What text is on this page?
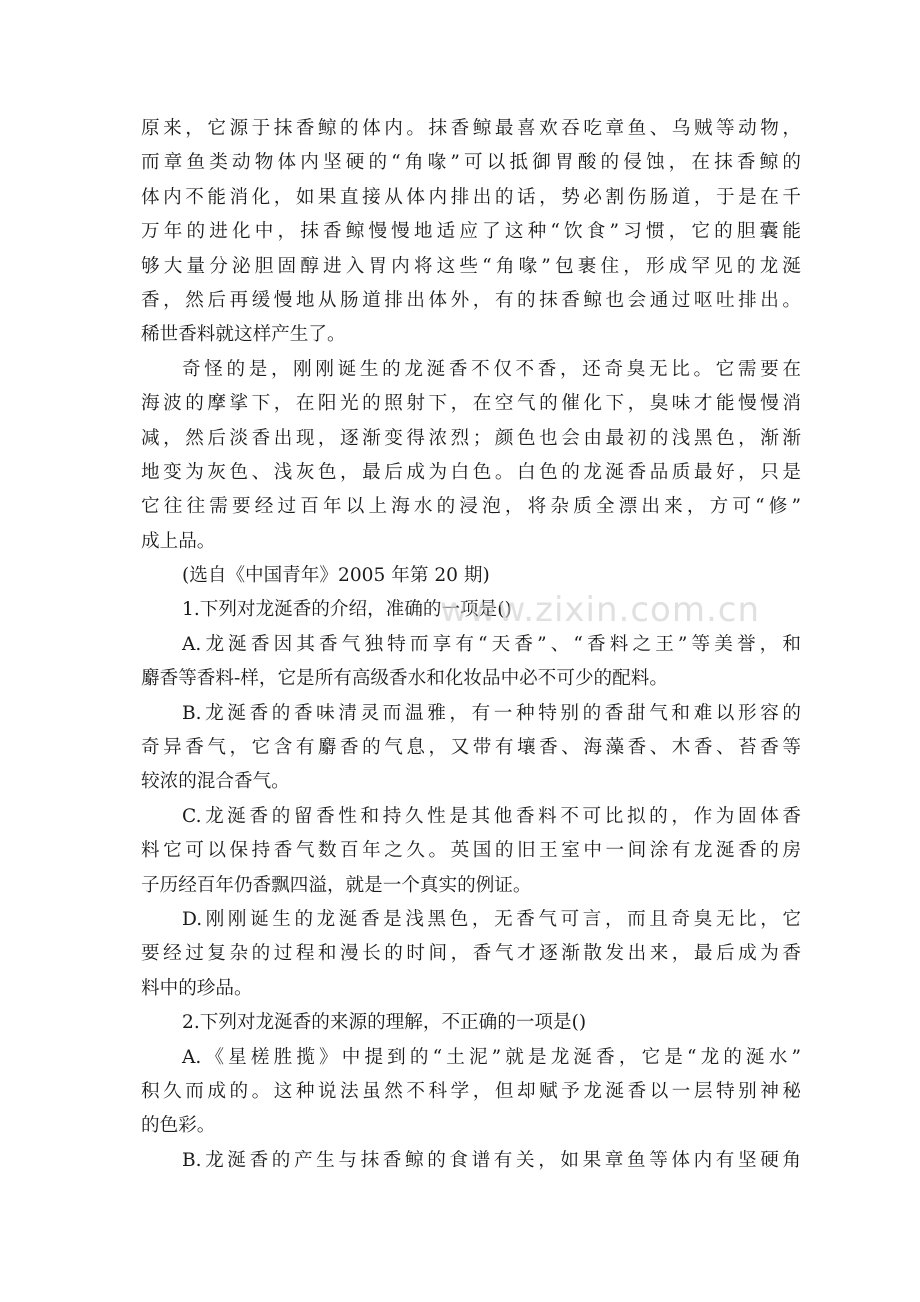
原来，它源于抹香鲸的体内。抹香鲸最喜欢吞吃章鱼、乌贼等动物，
而章鱼类动物体内坚硬的“角喙”可以抵御胃酸的侵蚀，在抹香鲸的
体内不能消化，如果直接从体内排出的话，势必割伤肠道，于是在千
万年的进化中，抹香鲸慢慢地适应了这种“饮食”习惯，它的胆囊能
够大量分泌胆固醇进入胃内将这些“角喙”包裹住，形成罕见的龙涎
香，然后再缓慢地从肠道排出体外，有的抹香鲸也会通过呕吐排出。
稀世香料就这样产生了。
奇怪的是，刚刚诞生的龙涎香不仅不香，还奇臭无比。它需要在
海波的摩挲下，在阳光的照射下，在空气的催化下，臭味才能慢慢消
减，然后淡香出现，逐渐变得浓烈；颜色也会由最初的浅黑色，渐渐
地变为灰色、浅灰色，最后成为白色。白色的龙涎香品质最好，只是
它往往需要经过百年以上海水的浸泡，将杂质全漂出来，方可“修”
成上品。
(选自《中国青年》2005 年第 20 期)
1.下列对龙涎香的介绍，准确的一项是()
A.龙涎香因其香气独特而享有“天香”、“香料之王”等美誉，和
麝香等香料-样，它是所有高级香水和化妆品中必不可少的配料。
B.龙涎香的香味清灵而温雅，有一种特别的香甜气和难以形容的
奇异香气，它含有麝香的气息，又带有壤香、海藻香、木香、苔香等
较浓的混合香气。
C.龙涎香的留香性和持久性是其他香料不可比拟的，作为固体香
料它可以保持香气数百年之久。英国的旧王室中一间涂有龙涎香的房
子历经百年仍香飘四溢，就是一个真实的例证。
D.刚刚诞生的龙涎香是浅黑色，无香气可言，而且奇臭无比，它
要经过复杂的过程和漫长的时间，香气才逐渐散发出来，最后成为香
料中的珍品。
2.下列对龙涎香的来源的理解，不正确的一项是()
A.《星槎胜揽》中提到的“土泥”就是龙涎香，它是“龙的涎水”
积久而成的。这种说法虽然不科学，但却赋予龙涎香以一层特别神秘
的色彩。
B.龙涎香的产生与抹香鲸的食谱有关，如果章鱼等体内有坚硬角
www.zixin.com.cn
